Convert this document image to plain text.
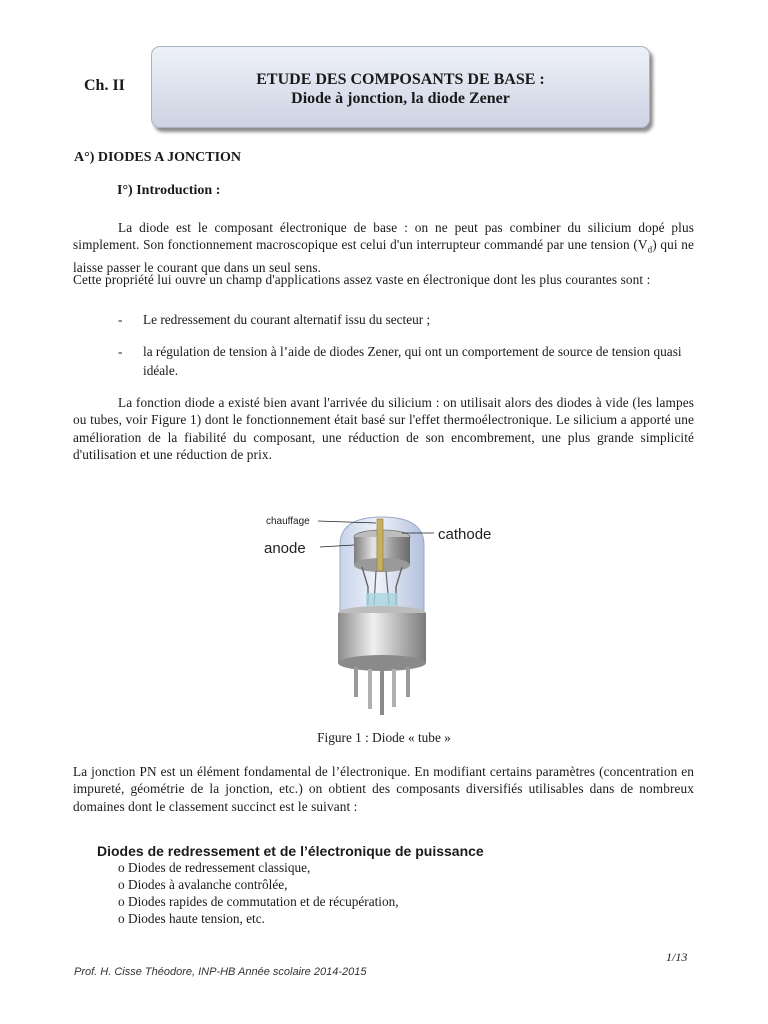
Ch. II	ETUDE DES COMPOSANTS DE BASE :
Diode à jonction, la diode Zener
A°) DIODES A JONCTION
I°) Introduction :
La diode est le composant électronique de base : on ne peut pas combiner du silicium dopé plus simplement. Son fonctionnement macroscopique est celui d'un interrupteur commandé par une tension $(V_d)$ qui ne laisse passer le courant que dans un seul sens.
Cette propriété lui ouvre un champ d'applications assez vaste en électronique dont les plus courantes sont :
- Le redressement du courant alternatif issu du secteur ;
- la régulation de tension à l’aide de diodes Zener, qui ont un comportement de source de tension quasi idéale.
La fonction diode a existé bien avant l'arrivée du silicium : on utilisait alors des diodes à vide (les lampes ou tubes, voir Figure 1) dont le fonctionnement était basé sur l'effet thermoélectronique. Le silicium a apporté une amélioration de la fiabilité du composant, une réduction de son encombrement, une plus grande simplicité d'utilisation et une réduction de prix.
chauffage
anode
cathode
Figure 1 : Diode « tube »
La jonction PN est un élément fondamental de l’électronique. En modifiant certains paramètres (concentration en impureté, géométrie de la jonction, etc.) on obtient des composants diversifiés utilisables dans de nombreux domaines dont le classement succinct est le suivant :
Diodes de redressement et de l’électronique de puissance
o Diodes de redressement classique,
o Diodes à avalanche contrôlée,
o Diodes rapides de commutation et de récupération,
o Diodes haute tension, etc.
1/13
Prof. H. Cisse Théodore, INP-HB Année scolaire 2014-2015
